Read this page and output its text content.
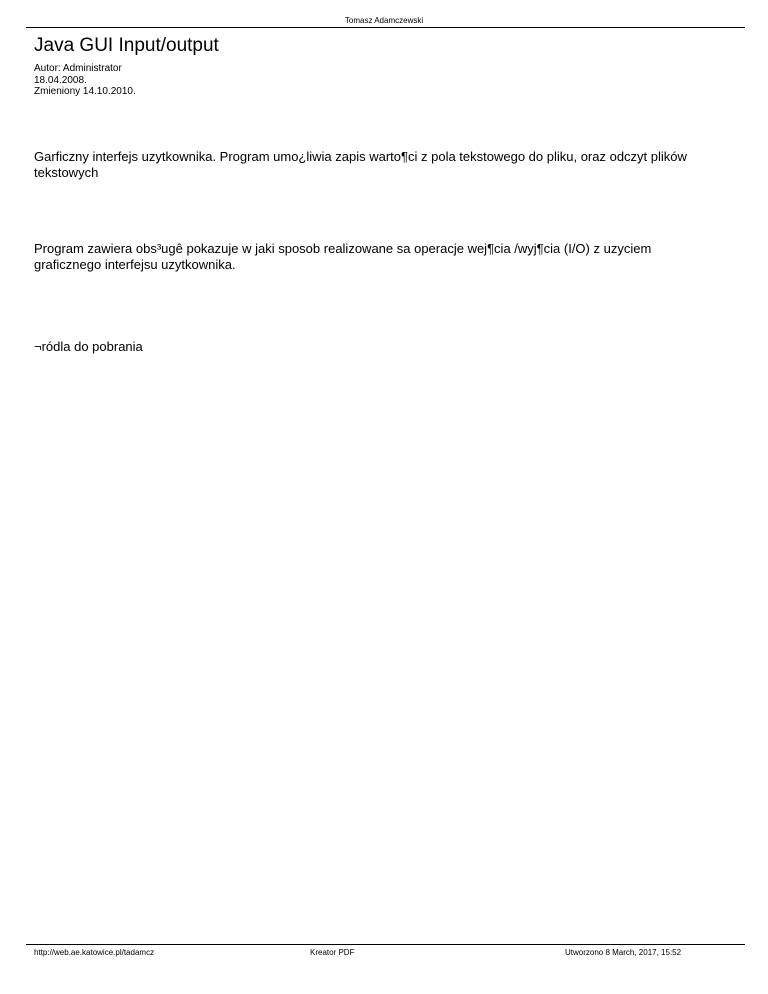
Tomasz Adamczewski
Java GUI Input/output
Autor: Administrator
18.04.2008.
Zmieniony 14.10.2010.

Garficzny interfejs uzytkownika. Program umo¿liwia zapis warto¶ci z pola tekstowego do pliku, oraz odczyt plików tekstowych

Program zawiera obs³ugê pokazuje w jaki sposob realizowane sa operacje wej¶cia /wyj¶cia (I/O) z uzyciem graficznego interfejsu uzytkownika.

¬ródla do pobrania

http://web.ae.katowice.pl/tadamcz	Kreator PDF	Utworzono 8 March, 2017, 15:52
